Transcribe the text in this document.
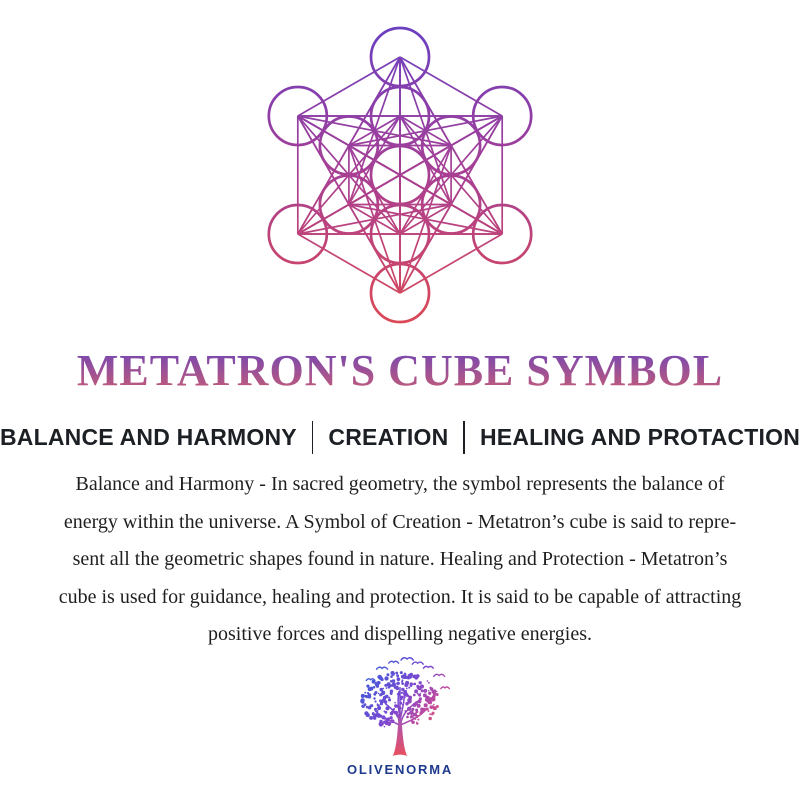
METATRON'S CUBE SYMBOL
BALANCE AND HARMONY CREATION HEALING AND PROTACTION
Balance and Harmony - In sacred geometry, the symbol represents the balance of
energy within the universe. A Symbol of Creation - Metatron’s cube is said to repre-
sent all the geometric shapes found in nature. Healing and Protection - Metatron’s
cube is used for guidance, healing and protection. It is said to be capable of attracting
positive forces and dispelling negative energies.
OLIVENORMA
